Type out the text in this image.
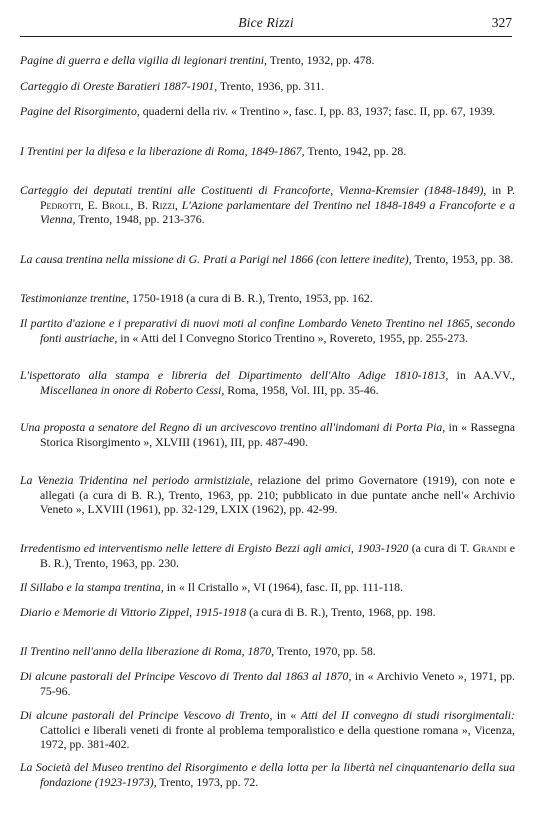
Bice Rizzi	327
Pagine di guerra e della vigilia di legionari trentini, Trento, 1932, pp. 478.
Carteggio di Oreste Baratieri 1887-1901, Trento, 1936, pp. 311.
Pagine del Risorgimento, quaderni della riv. « Trentino », fasc. I, pp. 83, 1937; fasc. II, pp. 67, 1939.
I Trentini per la difesa e la liberazione di Roma, 1849-1867, Trento, 1942, pp. 28.
Carteggio dei deputati trentini alle Costituenti di Francoforte, Vienna-Kremsier (1848-1849), in P. Pedrotti, E. Broll, B. Rizzi, L'Azione parlamentare del Trentino nel 1848-1849 a Francoforte e a Vienna, Trento, 1948, pp. 213-376.
La causa trentina nella missione di G. Prati a Parigi nel 1866 (con lettere inedite), Trento, 1953, pp. 38.
Testimonianze trentine, 1750-1918 (a cura di B. R.), Trento, 1953, pp. 162.
Il partito d'azione e i preparativi di nuovi moti al confine Lombardo Veneto Trentino nel 1865, secondo fonti austriache, in « Atti del I Convegno Storico Trentino », Rovereto, 1955, pp. 255-273.
L'ispettorato alla stampa e libreria del Dipartimento dell'Alto Adige 1810-1813, in AA.VV., Miscellanea in onore di Roberto Cessi, Roma, 1958, Vol. III, pp. 35-46.
Una proposta a senatore del Regno di un arcivescovo trentino all'indomani di Porta Pia, in « Rassegna Storica Risorgimento », XLVIII (1961), III, pp. 487-490.
La Venezia Tridentina nel periodo armistiziale, relazione del primo Governatore (1919), con note e allegati (a cura di B. R.), Trento, 1963, pp. 210; pubblicato in due puntate anche nell'« Archivio Veneto », LXVIII (1961), pp. 32-129, LXIX (1962), pp. 42-99.
Irredentismo ed interventismo nelle lettere di Ergisto Bezzi agli amici, 1903-1920 (a cura di T. Grandi e B. R.), Trento, 1963, pp. 230.
Il Sillabo e la stampa trentina, in « Il Cristallo », VI (1964), fasc. II, pp. 111-118.
Diario e Memorie di Vittorio Zippel, 1915-1918 (a cura di B. R.), Trento, 1968, pp. 198.
Il Trentino nell'anno della liberazione di Roma, 1870, Trento, 1970, pp. 58.
Di alcune pastorali del Principe Vescovo di Trento dal 1863 al 1870, in « Archivio Veneto », 1971, pp. 75-96.
Di alcune pastorali del Principe Vescovo di Trento, in « Atti del II convegno di studi risorgimentali: Cattolici e liberali veneti di fronte al problema temporalistico e della questione romana », Vicenza, 1972, pp. 381-402.
La Società del Museo trentino del Risorgimento e della lotta per la libertà nel cinquantenario della sua fondazione (1923-1973), Trento, 1973, pp. 72.
